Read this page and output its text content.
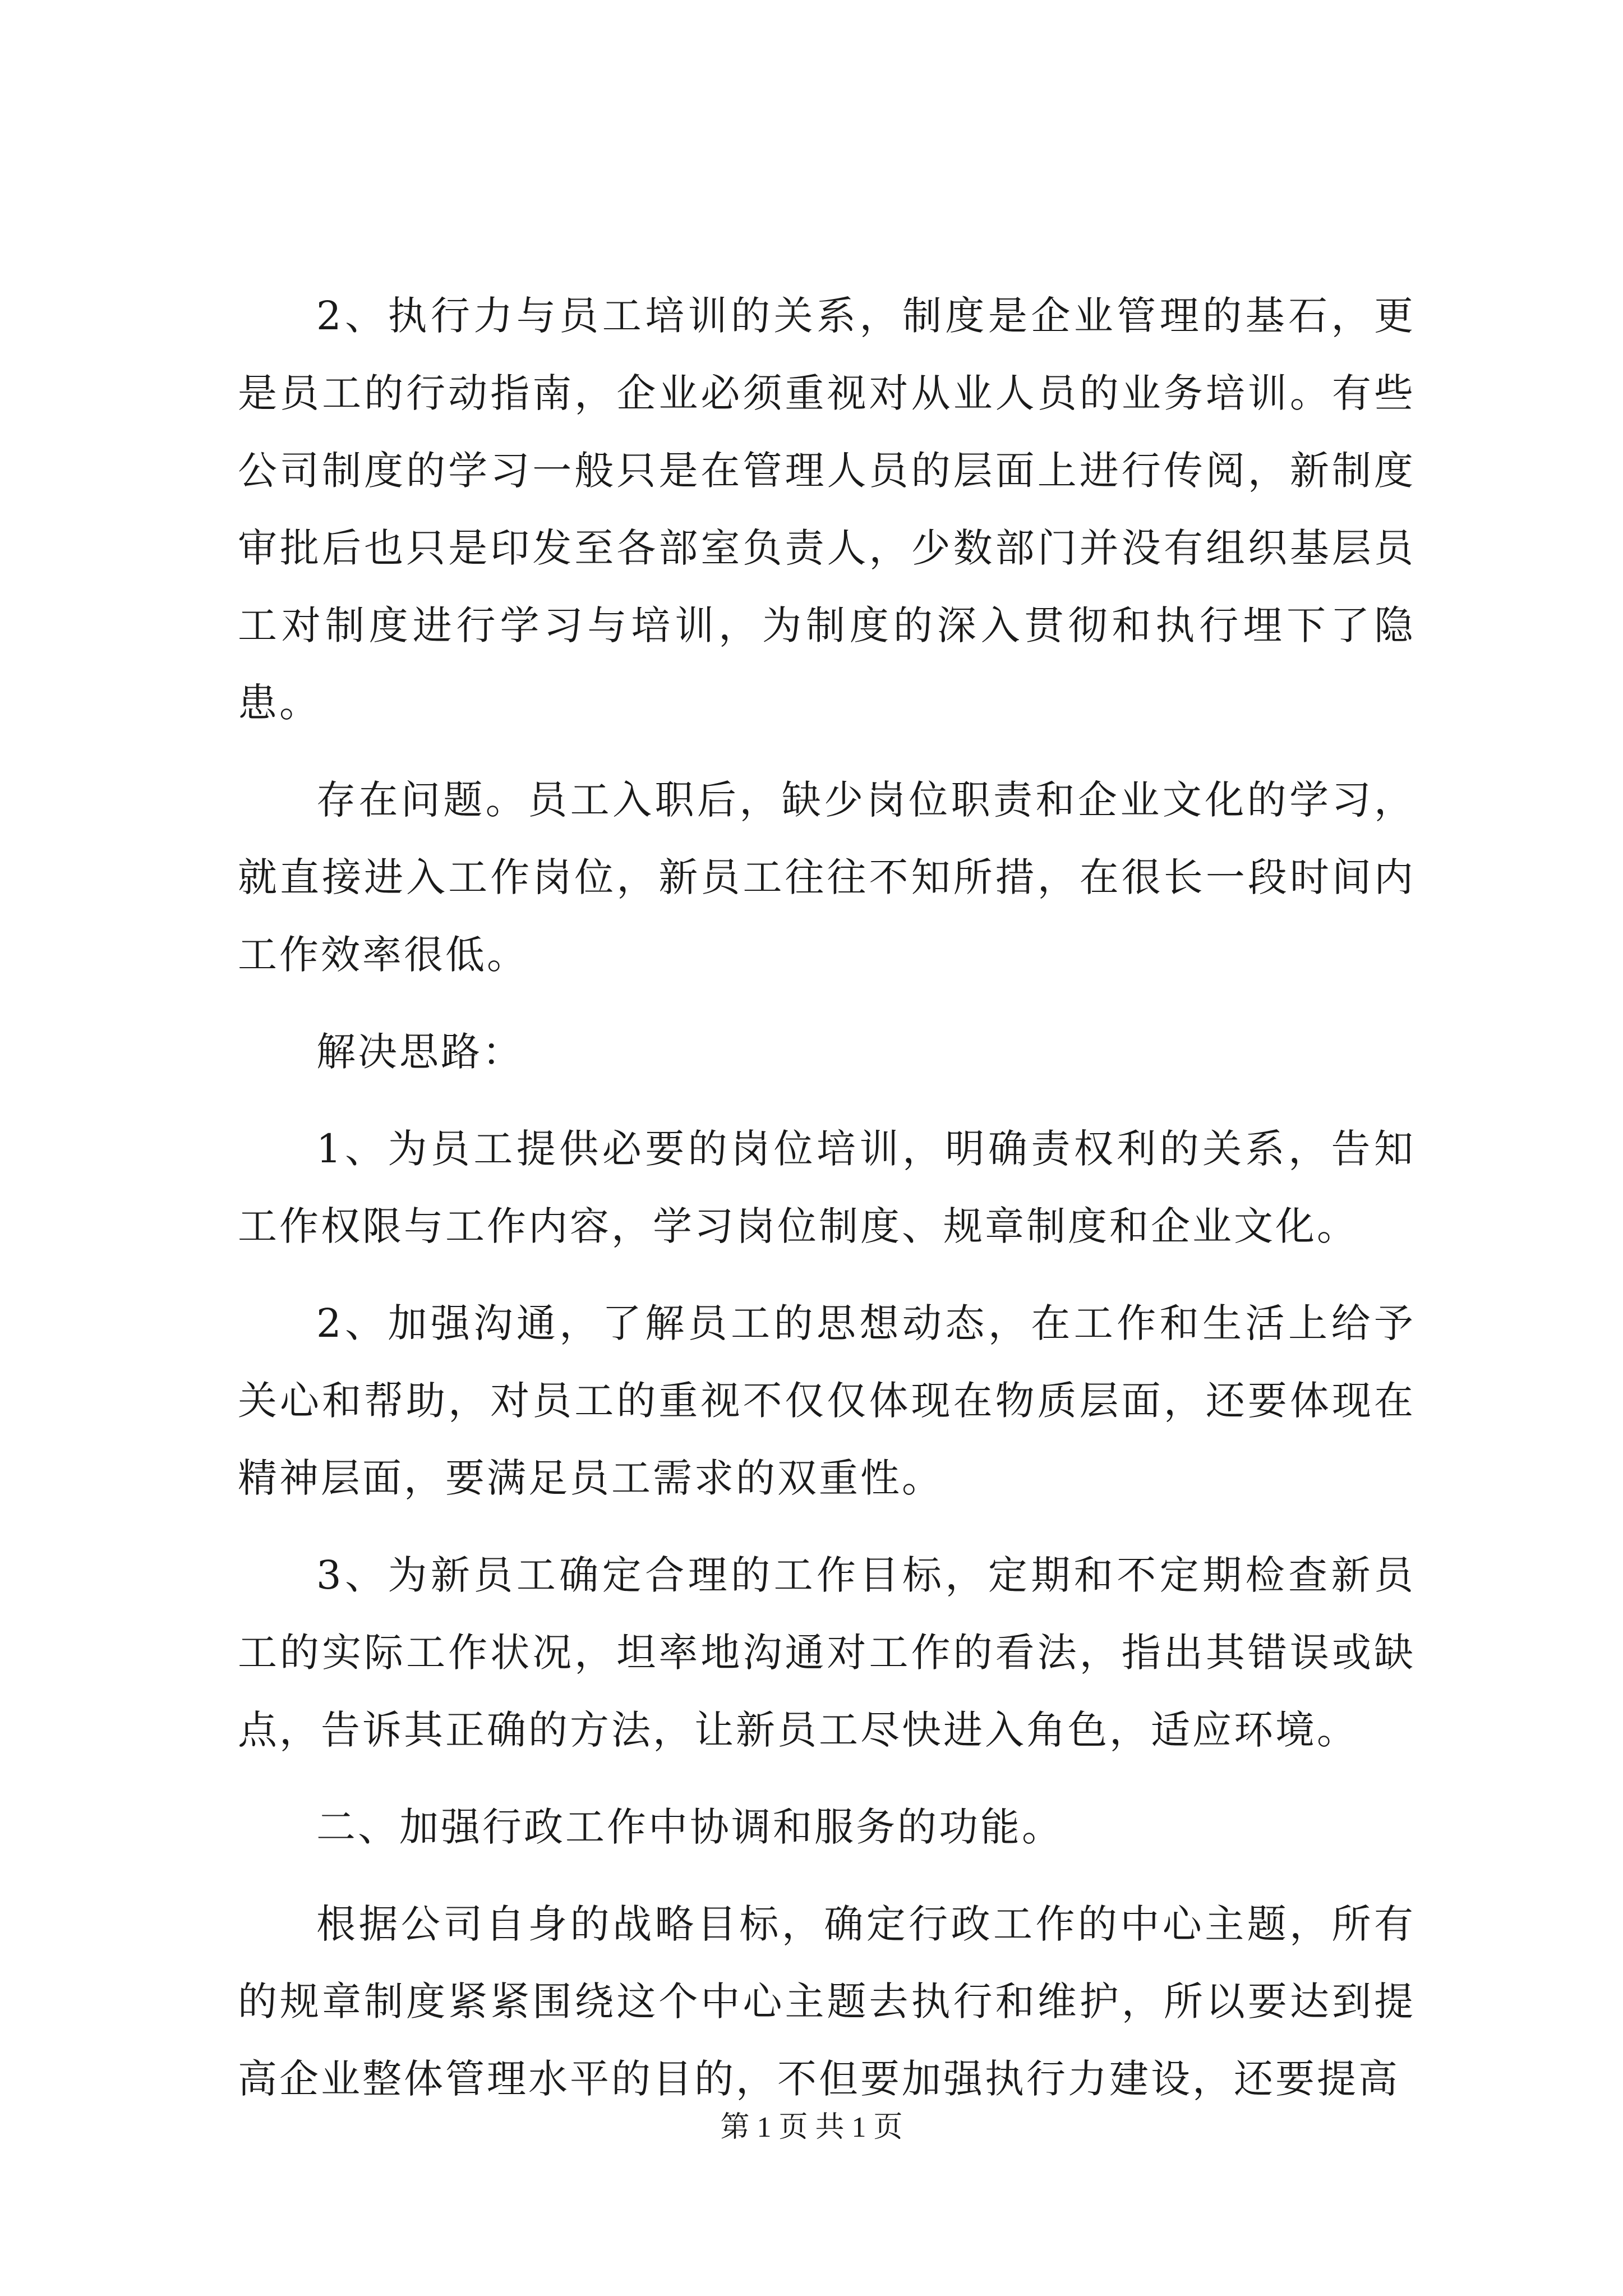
2、执行力与员工培训的关系，制度是企业管理的基石，更是员工的行动指南，企业必须重视对从业人员的业务培训。有些公司制度的学习一般只是在管理人员的层面上进行传阅，新制度审批后也只是印发至各部室负责人，少数部门并没有组织基层员工对制度进行学习与培训，为制度的深入贯彻和执行埋下了隐患。

存在问题。员工入职后，缺少岗位职责和企业文化的学习，就直接进入工作岗位，新员工往往不知所措，在很长一段时间内工作效率很低。

解决思路：

1、为员工提供必要的岗位培训，明确责权利的关系，告知工作权限与工作内容，学习岗位制度、规章制度和企业文化。

2、加强沟通，了解员工的思想动态，在工作和生活上给予关心和帮助，对员工的重视不仅仅体现在物质层面，还要体现在精神层面，要满足员工需求的双重性。

3、为新员工确定合理的工作目标，定期和不定期检查新员工的实际工作状况，坦率地沟通对工作的看法，指出其错误或缺点，告诉其正确的方法，让新员工尽快进入角色，适应环境。

二、加强行政工作中协调和服务的功能。

根据公司自身的战略目标，确定行政工作的中心主题，所有的规章制度紧紧围绕这个中心主题去执行和维护，所以要达到提高企业整体管理水平的目的，不但要加强执行力建设，还要提高

第 1 页 共 1 页
